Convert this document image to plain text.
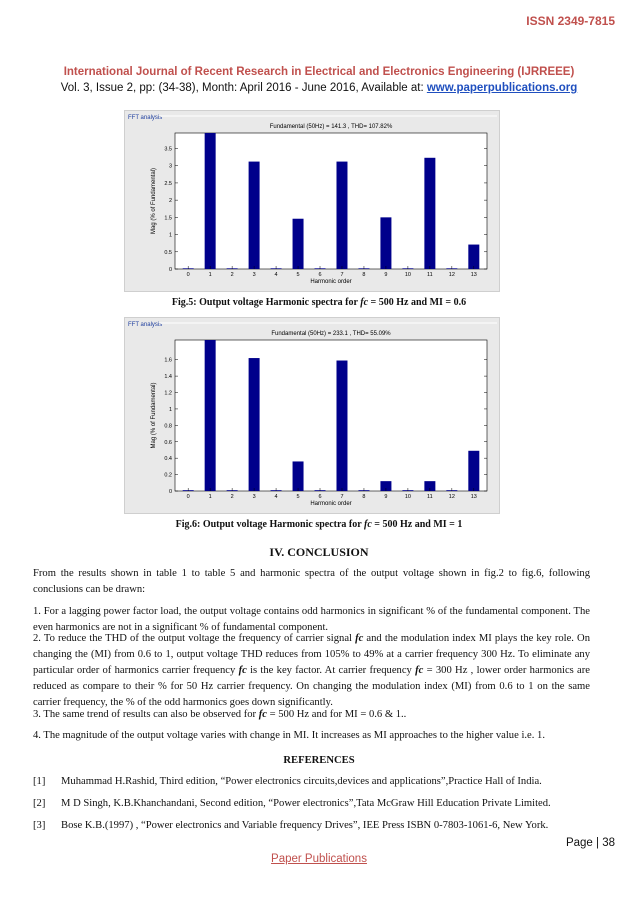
ISSN 2349-7815
International Journal of Recent Research in Electrical and Electronics Engineering (IJRREEE)
Vol. 3, Issue 2, pp: (34-38), Month: April 2016 - June 2016, Available at: www.paperpublications.org
FFT analysis
0
0.5
1
1.5
2
2.5
3
3.5
0	1	2	3	4	5	6	7	8	9	10	11	12	13
Fundamental (50Hz) = 141.3 , THD= 107.82%
Harmonic order
Mag (% of Fundamental)
Fig.5: Output voltage Harmonic spectra for fc = 500 Hz and MI = 0.6
FFT analysis
0
0.2
0.4
0.6
0.8
1
1.2
1.4
1.6
0	1	2	3	4	5	6	7	8	9	10	11	12	13
Fundamental (50Hz) = 233.1 , THD= 55.09%
Harmonic order
Mag (% of Fundamental)
Fig.6: Output voltage Harmonic spectra for fc = 500 Hz and MI = 1
IV. CONCLUSION
From the results shown in table 1 to table 5 and harmonic spectra of the output voltage shown in fig.2 to fig.6, following conclusions can be drawn:
1. For a lagging power factor load, the output voltage contains odd harmonics in significant % of the fundamental component. The even harmonics are not in a significant % of fundamental component.
2. To reduce the THD of the output voltage the frequency of carrier signal fc and the modulation index MI plays the key role. On changing the (MI) from 0.6 to 1, output voltage THD reduces from 105% to 49% at a carrier frequency 300 Hz. To eliminate any particular order of harmonics carrier frequency fc is the key factor. At carrier frequency fc = 300 Hz , lower order harmonics are reduced as compare to their % for 50 Hz carrier frequency. On changing the modulation index (MI) from 0.6 to 1 on the same carrier frequency, the % of the odd harmonics goes down significantly.
3. The same trend of results can also be observed for fc = 500 Hz and for MI = 0.6 & 1..
4. The magnitude of the output voltage varies with change in MI. It increases as MI approaches to the higher value i.e. 1.
REFERENCES
[1] Muhammad H.Rashid, Third edition, “Power electronics circuits,devices and applications”,Practice Hall of India.
[2] M D Singh, K.B.Khanchandani, Second edition, “Power electronics”,Tata McGraw Hill Education Private Limited.
[3] Bose K.B.(1997) , “Power electronics and Variable frequency Drives”, IEE Press ISBN 0-7803-1061-6, New York.
Page | 38
Paper Publications
